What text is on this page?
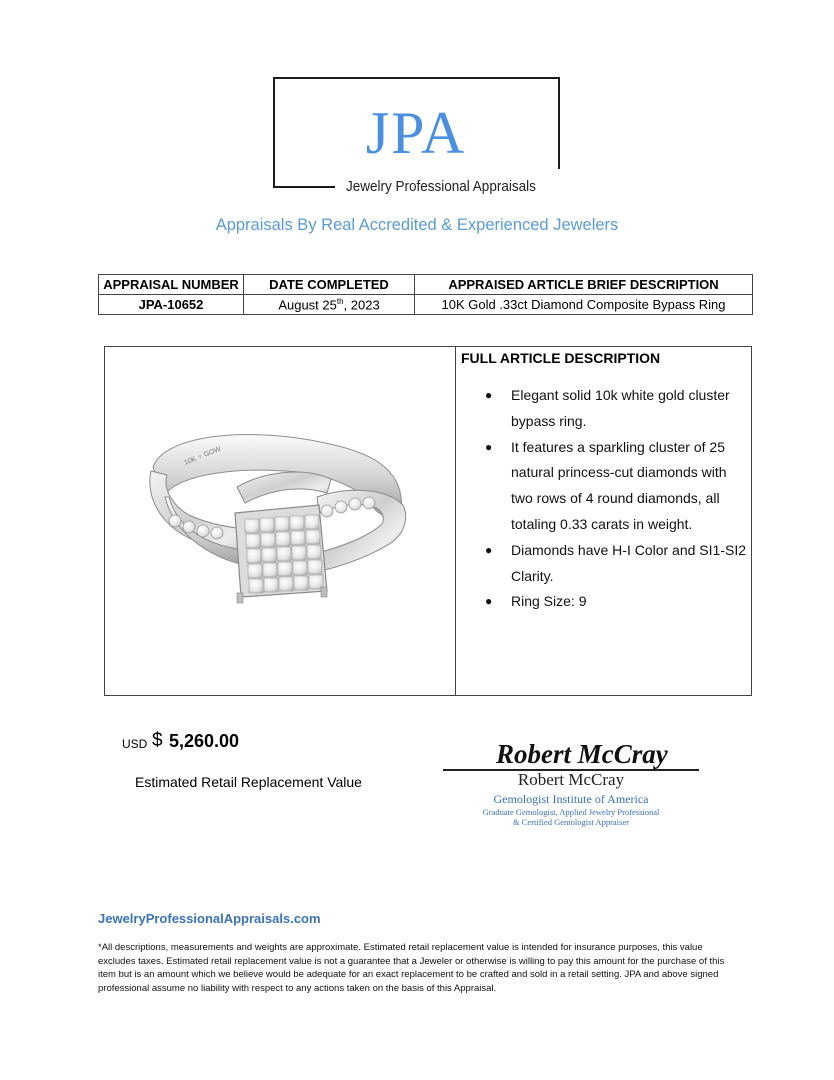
JPA
Jewelry Professional Appraisals
Appraisals By Real Accredited & Experienced Jewelers
APPRAISAL NUMBER	DATE COMPLETED	APPRAISED ARTICLE BRIEF DESCRIPTION
JPA-10652	August 25th, 2023	10K Gold .33ct Diamond Composite Bypass Ring
10K ♀ GOW
FULL ARTICLE DESCRIPTION
● Elegant solid 10k white gold cluster bypass ring.
● It features a sparkling cluster of 25 natural princess-cut diamonds with two rows of 4 round diamonds, all totaling 0.33 carats in weight.
● Diamonds have H-I Color and SI1-SI2 Clarity.
● Ring Size: 9
USD $ 5,260.00
Estimated Retail Replacement Value
Robert McCray
Robert McCray
Gemologist Institute of America
Graduate Gemologist, Applied Jewelry Professional
& Certified Gemologist Appraiser
JewelryProfessionalAppraisals.com
*All descriptions, measurements and weights are approximate. Estimated retail replacement value is intended for insurance purposes, this value excludes taxes. Estimated retail replacement value is not a guarantee that a Jeweler or otherwise is willing to pay this amount for the purchase of this item but is an amount which we believe would be adequate for an exact replacement to be crafted and sold in a retail setting. JPA and above signed professional assume no liability with respect to any actions taken on the basis of this Appraisal.
